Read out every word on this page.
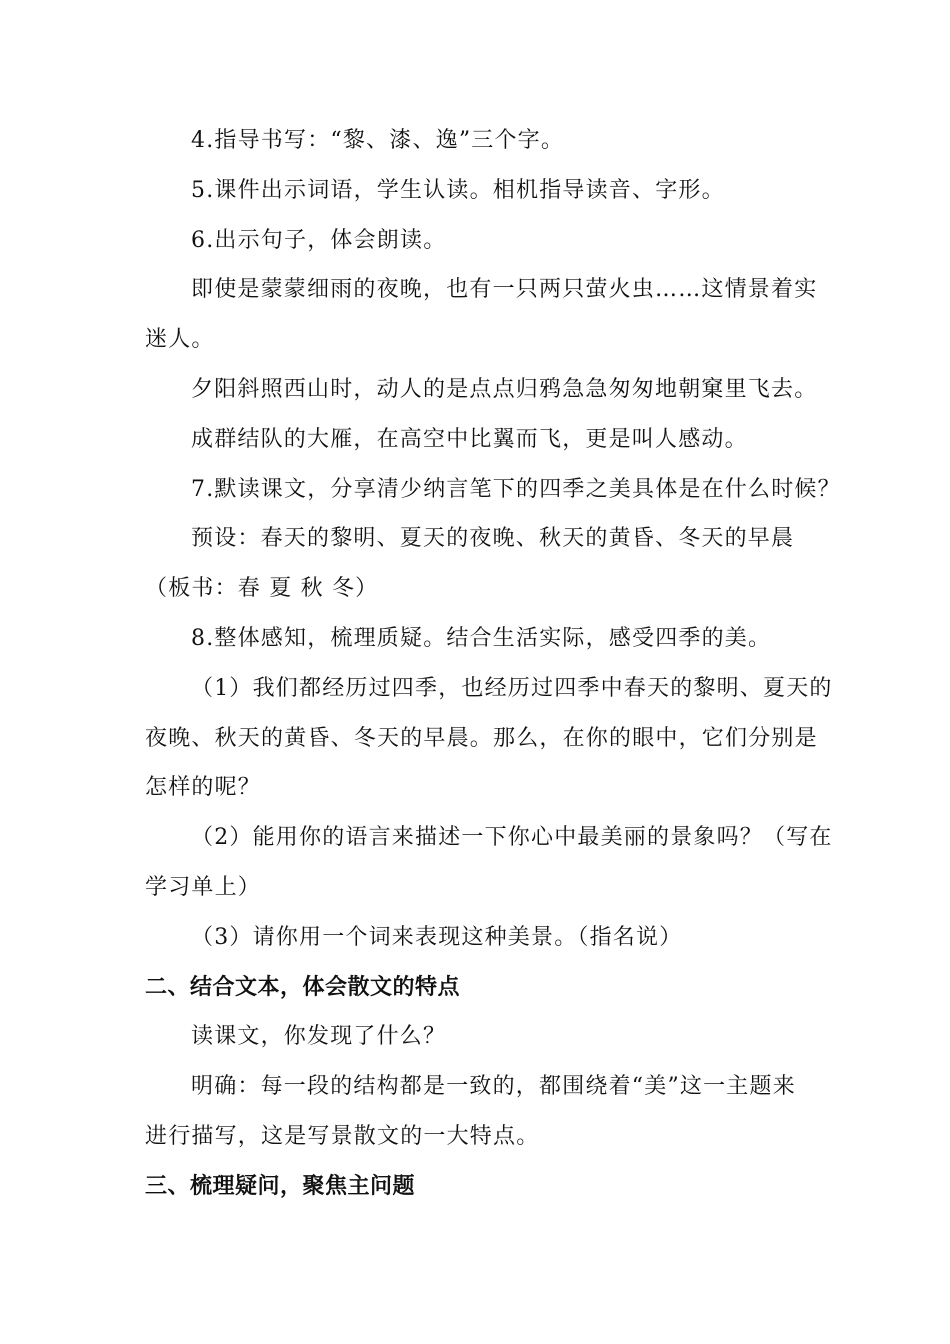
4.指导书写：“黎、漆、逸”三个字。
5.课件出示词语，学生认读。相机指导读音、字形。
6.出示句子，体会朗读。
即使是蒙蒙细雨的夜晚，也有一只两只萤火虫……这情景着实
迷人。
夕阳斜照西山时，动人的是点点归鸦急急匆匆地朝窠里飞去。
成群结队的大雁，在高空中比翼而飞，更是叫人感动。
7.默读课文，分享清少纳言笔下的四季之美具体是在什么时候？
预设：春天的黎明、夏天的夜晚、秋天的黄昏、冬天的早晨
（板书：春 夏 秋 冬）
8.整体感知，梳理质疑。结合生活实际，感受四季的美。
（1）我们都经历过四季，也经历过四季中春天的黎明、夏天的
夜晚、秋天的黄昏、冬天的早晨。那么，在你的眼中，它们分别是
怎样的呢？
（2）能用你的语言来描述一下你心中最美丽的景象吗？（写在
学习单上）
（3）请你用一个词来表现这种美景。（指名说）
二、结合文本，体会散文的特点
读课文，你发现了什么？
明确：每一段的结构都是一致的，都围绕着“美”这一主题来
进行描写，这是写景散文的一大特点。
三、梳理疑问，聚焦主问题
